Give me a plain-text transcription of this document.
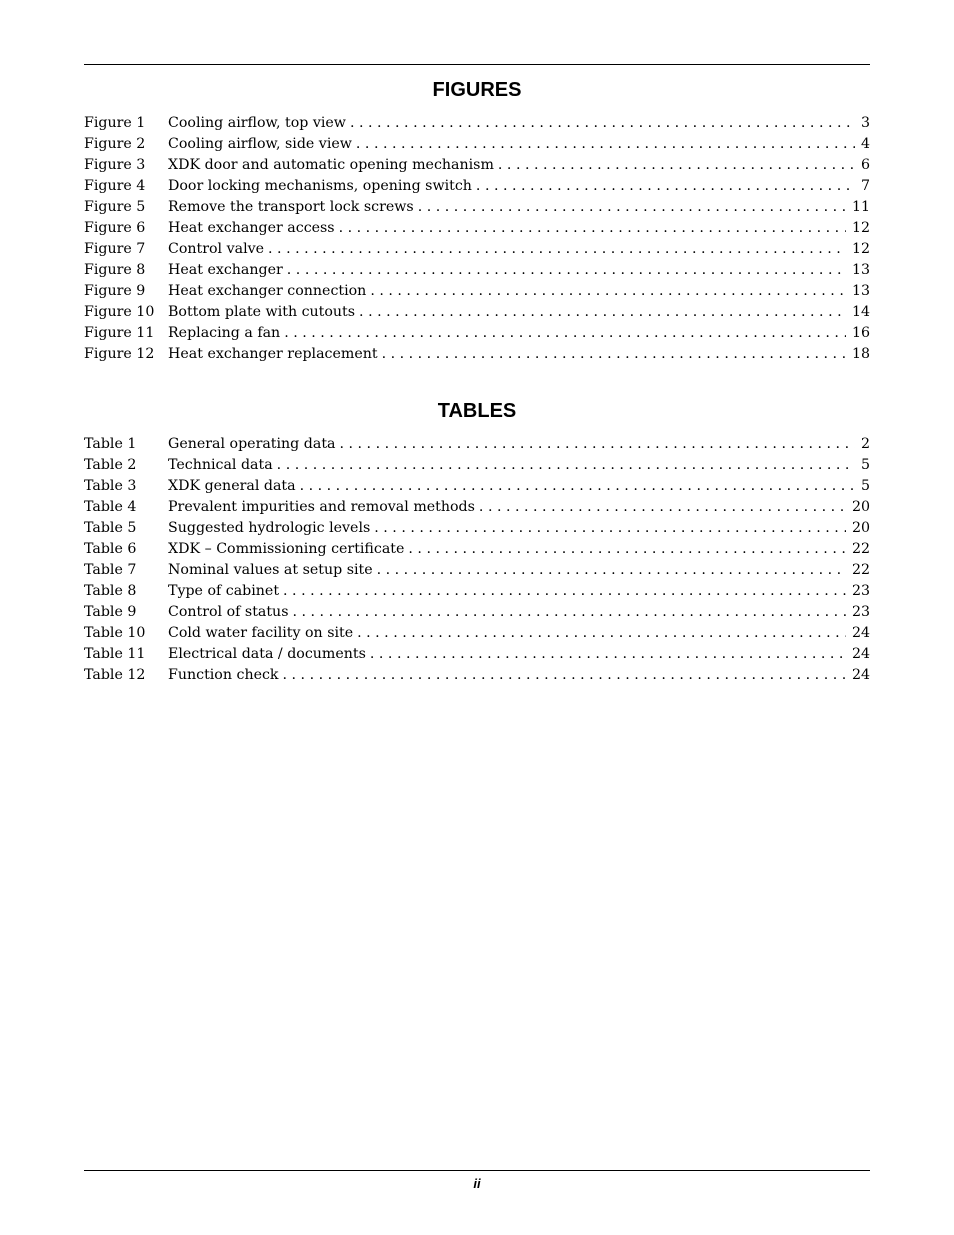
FIGURES
Figure 1	Cooling airflow, top view . . .	3
Figure 2	Cooling airflow, side view . . .	4
Figure 3	XDK door and automatic opening mechanism . . .	6
Figure 4	Door locking mechanisms, opening switch . . .	7
Figure 5	Remove the transport lock screws . . .	11
Figure 6	Heat exchanger access . . .	12
Figure 7	Control valve . . .	12
Figure 8	Heat exchanger . . .	13
Figure 9	Heat exchanger connection . . .	13
Figure 10 Bottom plate with cutouts . . .	14
Figure 11 Replacing a fan . . .	16
Figure 12 Heat exchanger replacement . . .	18
TABLES
Table 1	General operating data . . .	2
Table 2	Technical data . . .	5
Table 3	XDK general data . . .	5
Table 4	Prevalent impurities and removal methods . . .	20
Table 5	Suggested hydrologic levels . . .	20
Table 6	XDK – Commissioning certificate . . .	22
Table 7	Nominal values at setup site . . .	22
Table 8	Type of cabinet . . .	23
Table 9	Control of status . . .	23
Table 10	Cold water facility on site . . .	24
Table 11	Electrical data / documents . . .	24
Table 12	Function check . . .	24
ii
